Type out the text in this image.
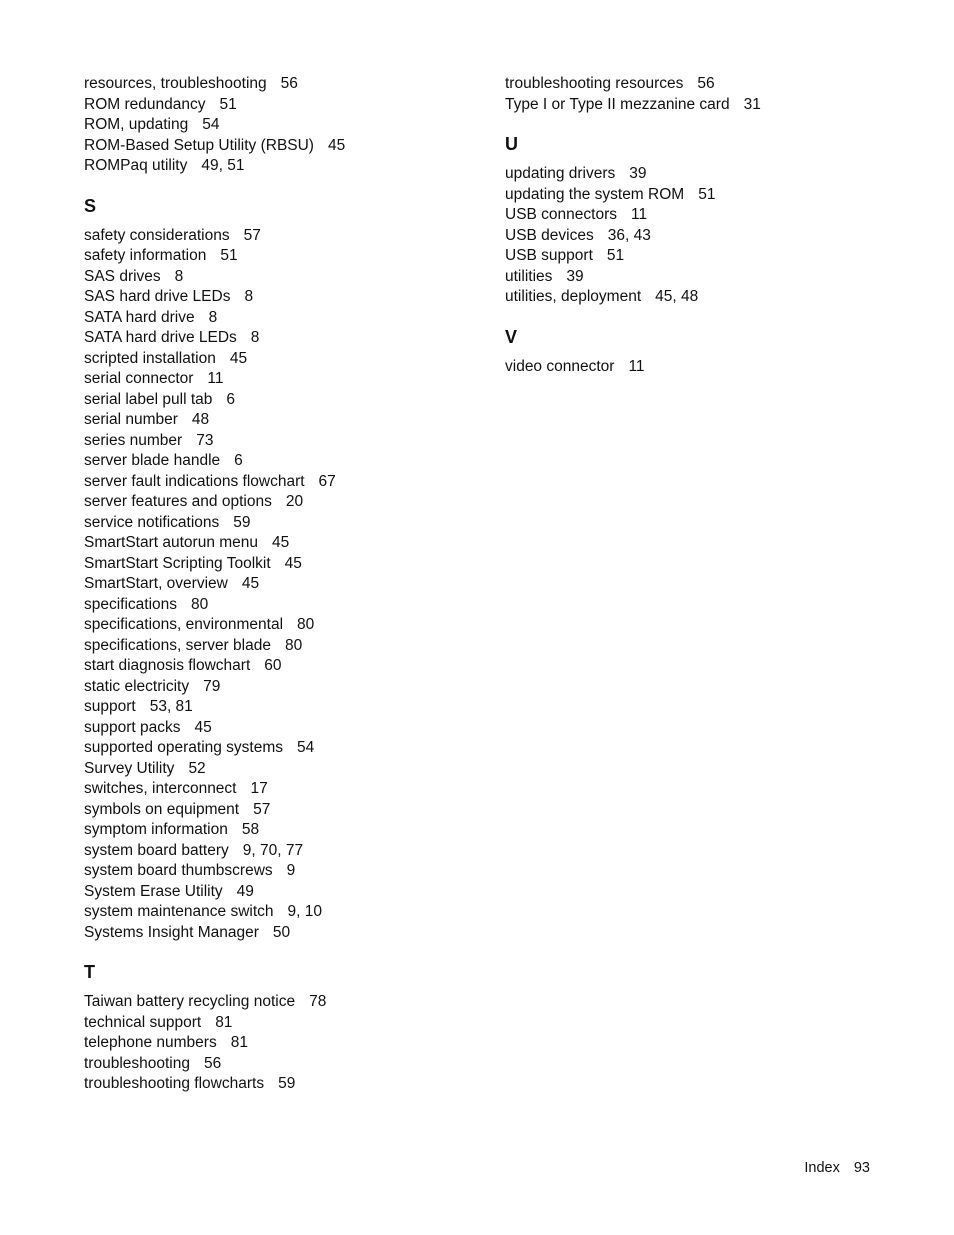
resources, troubleshooting 56
ROM redundancy 51
ROM, updating 54
ROM-Based Setup Utility (RBSU) 45
ROMPaq utility 49, 51
S
safety considerations 57
safety information 51
SAS drives 8
SAS hard drive LEDs 8
SATA hard drive 8
SATA hard drive LEDs 8
scripted installation 45
serial connector 11
serial label pull tab 6
serial number 48
series number 73
server blade handle 6
server fault indications flowchart 67
server features and options 20
service notifications 59
SmartStart autorun menu 45
SmartStart Scripting Toolkit 45
SmartStart, overview 45
specifications 80
specifications, environmental 80
specifications, server blade 80
start diagnosis flowchart 60
static electricity 79
support 53, 81
support packs 45
supported operating systems 54
Survey Utility 52
switches, interconnect 17
symbols on equipment 57
symptom information 58
system board battery 9, 70, 77
system board thumbscrews 9
System Erase Utility 49
system maintenance switch 9, 10
Systems Insight Manager 50
T
Taiwan battery recycling notice 78
technical support 81
telephone numbers 81
troubleshooting 56
troubleshooting flowcharts 59
troubleshooting resources 56
Type I or Type II mezzanine card 31
U
updating drivers 39
updating the system ROM 51
USB connectors 11
USB devices 36, 43
USB support 51
utilities 39
utilities, deployment 45, 48
V
video connector 11
Index 93
